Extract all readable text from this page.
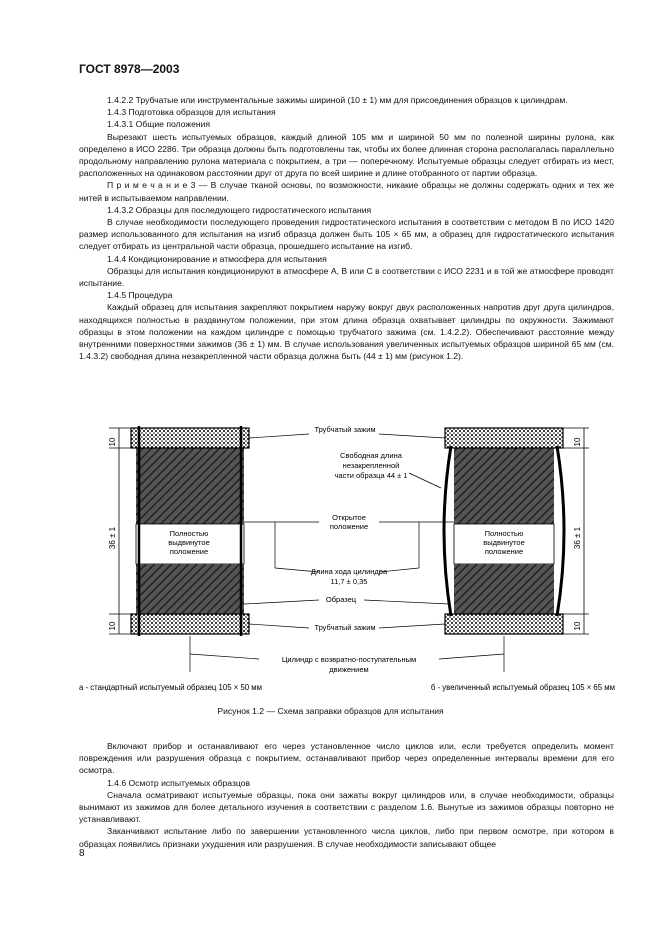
ГОСТ 8978—2003

1.4.2.2 Трубчатые или инструментальные зажимы шириной (10 ± 1) мм для присоединения образцов к цилиндрам.

1.4.3 Подготовка образцов для испытания

1.4.3.1 Общие положения

Вырезают шесть испытуемых образцов, каждый длиной 105 мм и шириной 50 мм по полезной ширины рулона, как определено в ИСО 2286. Три образца должны быть подготовлены так, чтобы их более длинная сторона располагалась параллельно продольному направлению рулона материала с покрытием, а три — поперечному. Испытуемые образцы следует отбирать из мест, расположенных на одинаковом расстоянии друг от друга по всей ширине и длине отобранного от партии образца.

П р и м е ч а н и е 3 — В случае тканой основы, по возможности, никакие образцы не должны содержать одних и тех же нитей в испытываемом направлении.

1.4.3.2 Образцы для последующего гидростатического испытания

В случае необходимости последующего проведения гидростатического испытания в соответствии с методом В по ИСО 1420 размер использованного для испытания на изгиб образца должен быть 105 × 65 мм, а образец для гидростатического испытания следует отбирать из центральной части образца, прошедшего испытание на изгиб.

1.4.4 Кондиционирование и атмосфера для испытания

Образцы для испытания кондиционируют в атмосфере А, В или С в соответствии с ИСО 2231 и в той же атмосфере проводят испытание.

1.4.5 Процедура

Каждый образец для испытания закрепляют покрытием наружу вокруг двух расположенных напротив друг друга цилиндров, находящихся полностью в раздвинутом положении, при этом длина образца охватывает цилиндры по окружности. Зажимают образцы в этом положении на каждом цилиндре с помощью трубчатого зажима (см. 1.4.2.2). Обеспечивают расстояние между внутренними поверхностями зажимов (36 ± 1) мм. В случае использования увеличенных испытуемых образцов шириной 65 мм (см. 1.4.3.2) свободная длина незакрепленной части образца должна быть (44 ± 1) мм (рисунок 1.2).

10
36 ± 1
10
10
36 ± 1
10
Трубчатый зажим
Свободная длина
незакрепленной
части образца 44 ± 1
Открытое
положение
Полностью
выдвинутое
положение
Полностью
выдвинутое
положение
Длина хода цилиндра
11,7 ± 0,35
Образец
Трубчатый зажим
Цилиндр с возвратно-поступательным
движением
а - стандартный испытуемый образец 105 × 50 мм	б - увеличенный испытуемый образец 105 × 65 мм
Рисунок 1.2 — Схема заправки образцов для испытания

Включают прибор и останавливают его через установленное число циклов или, если требуется определить момент повреждения или разрушения образца с покрытием, останавливают прибор через определенные интервалы времени для его осмотра.

1.4.6 Осмотр испытуемых образцов

Сначала осматривают испытуемые образцы, пока они зажаты вокруг цилиндров или, в случае необходимости, образцы вынимают из зажимов для более детального изучения в соответствии с разделом 1.6. Вынутые из зажимов образцы повторно не устанавливают.

Заканчивают испытание либо по завершении установленного числа циклов, либо при первом осмотре, при котором в образцах появились признаки ухудшения или разрушения. В случае необходимости записывают общее

8
